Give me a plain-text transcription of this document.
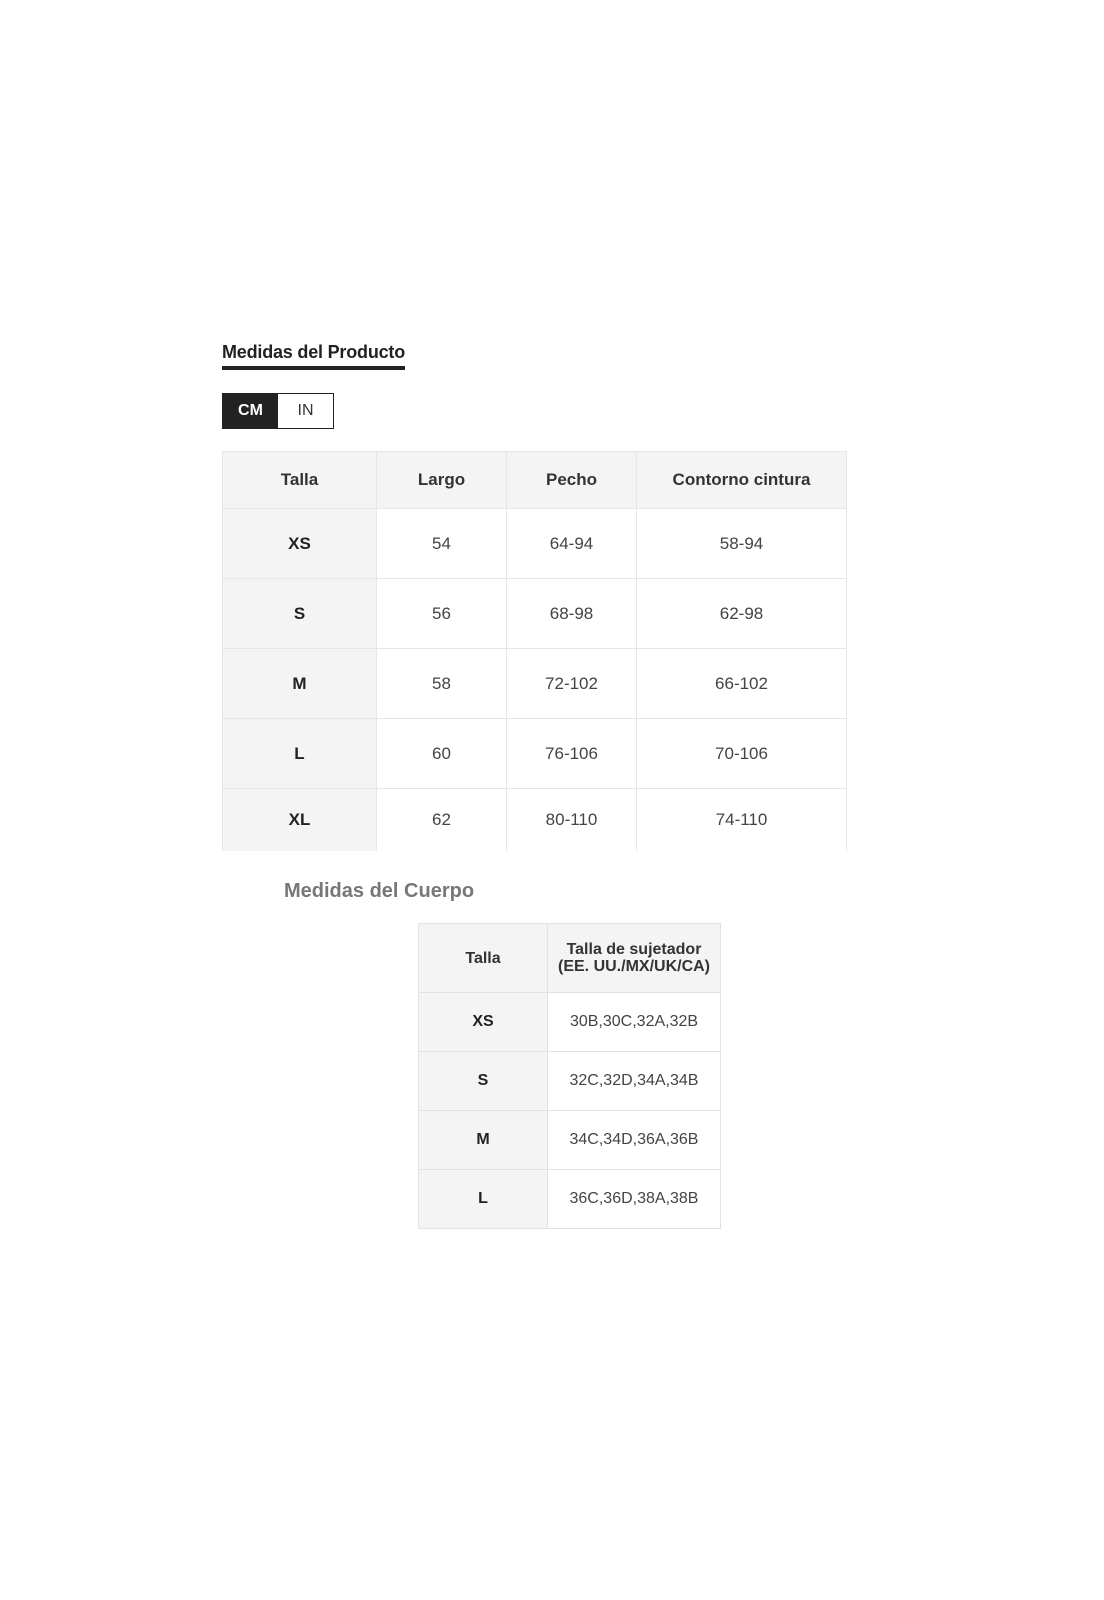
Medidas del Producto
CM	IN
Talla	Largo	Pecho	Contorno cintura
XS	54	64-94	58-94
S	56	68-98	62-98
M	58	72-102	66-102
L	60	76-106	70-106
XL	62	80-110	74-110
Medidas del Cuerpo
Talla	Talla de sujetador (EE. UU./MX/UK/CA)
XS	30B,30C,32A,32B
S	32C,32D,34A,34B
M	34C,34D,36A,36B
L	36C,36D,38A,38B
